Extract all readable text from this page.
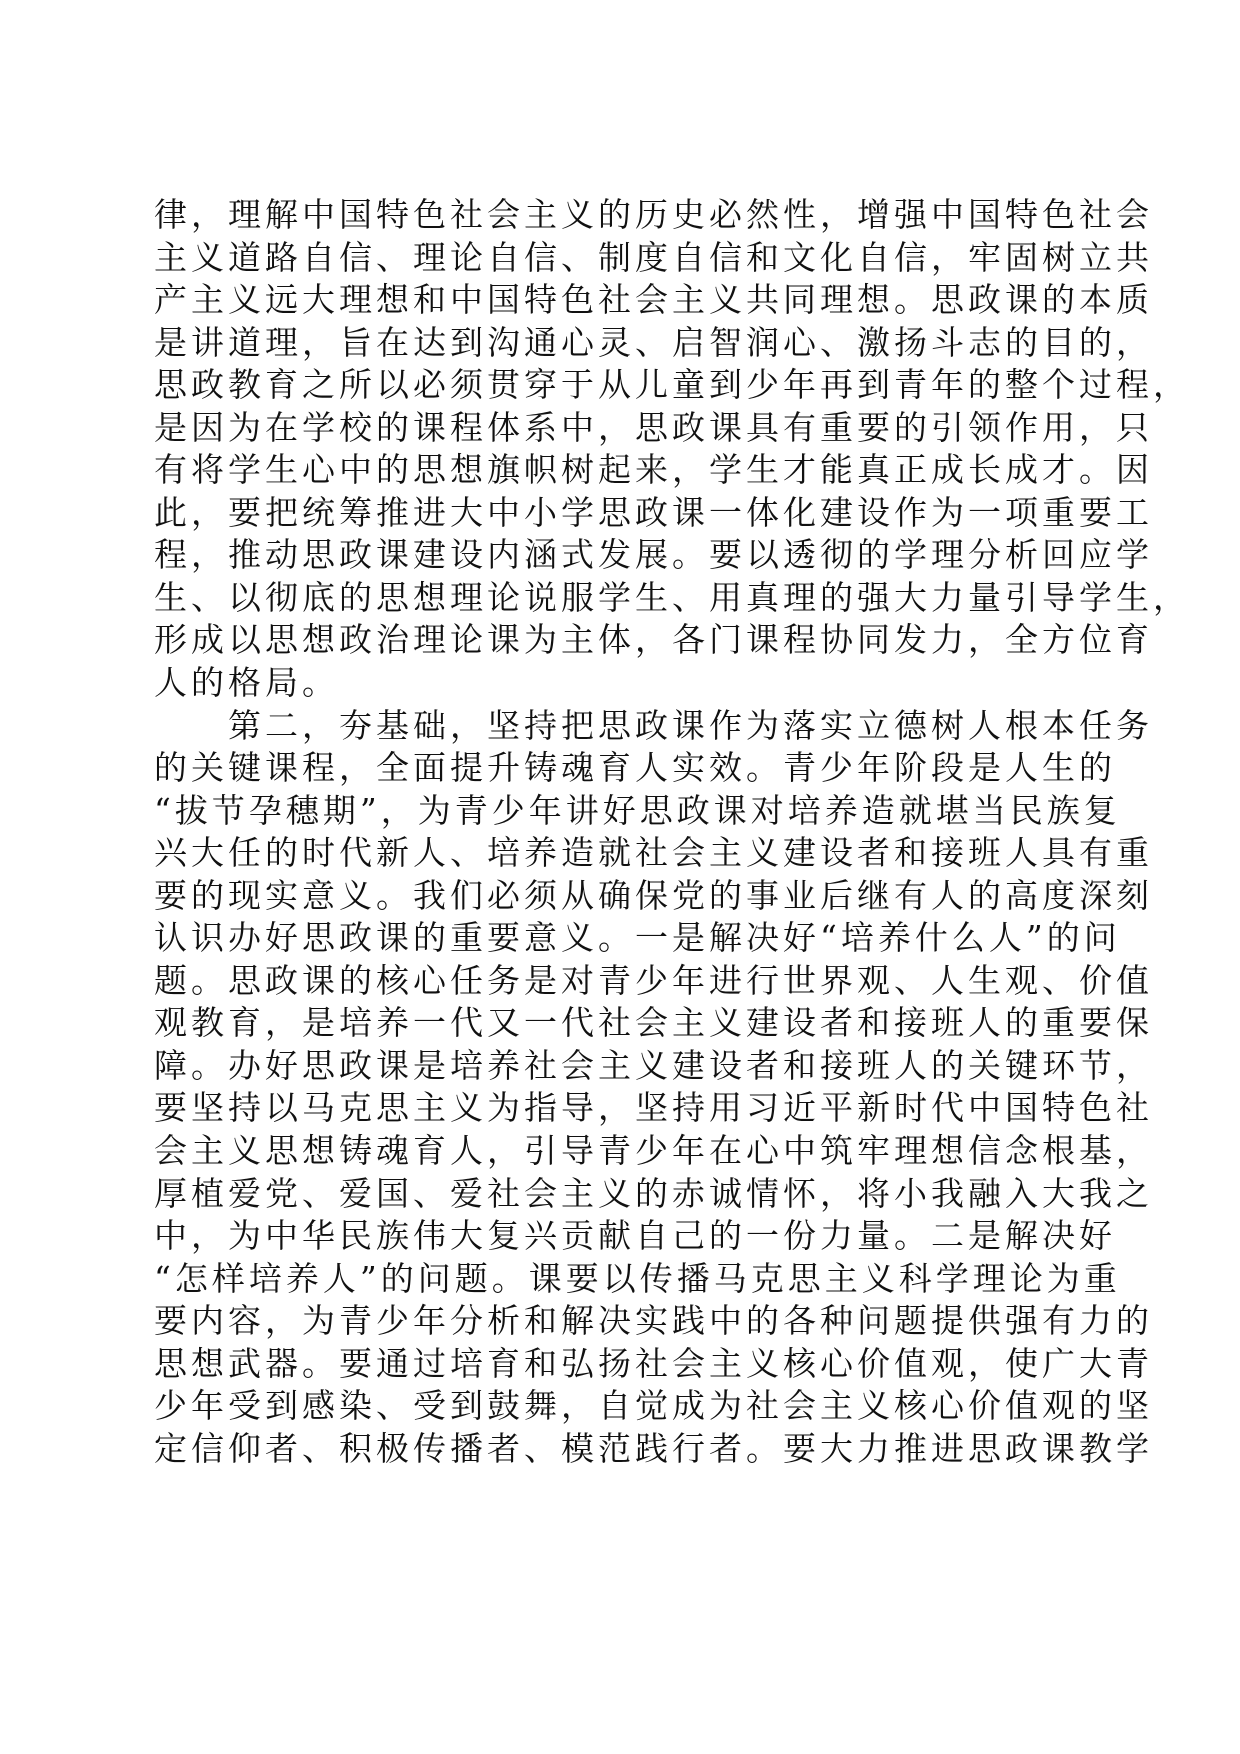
律，理解中国特色社会主义的历史必然性，增强中国特色社会
主义道路自信、理论自信、制度自信和文化自信，牢固树立共
产主义远大理想和中国特色社会主义共同理想。思政课的本质
是讲道理，旨在达到沟通心灵、启智润心、激扬斗志的目的，
思政教育之所以必须贯穿于从儿童到少年再到青年的整个过程，
是因为在学校的课程体系中，思政课具有重要的引领作用，只
有将学生心中的思想旗帜树起来，学生才能真正成长成才。因
此，要把统筹推进大中小学思政课一体化建设作为一项重要工
程，推动思政课建设内涵式发展。要以透彻的学理分析回应学
生、以彻底的思想理论说服学生、用真理的强大力量引导学生，
形成以思想政治理论课为主体，各门课程协同发力，全方位育
人的格局。
第二，夯基础，坚持把思政课作为落实立德树人根本任务
的关键课程，全面提升铸魂育人实效。青少年阶段是人生的
“拔节孕穗期”，为青少年讲好思政课对培养造就堪当民族复
兴大任的时代新人、培养造就社会主义建设者和接班人具有重
要的现实意义。我们必须从确保党的事业后继有人的高度深刻
认识办好思政课的重要意义。一是解决好“培养什么人”的问
题。思政课的核心任务是对青少年进行世界观、人生观、价值
观教育，是培养一代又一代社会主义建设者和接班人的重要保
障。办好思政课是培养社会主义建设者和接班人的关键环节，
要坚持以马克思主义为指导，坚持用习近平新时代中国特色社
会主义思想铸魂育人，引导青少年在心中筑牢理想信念根基，
厚植爱党、爱国、爱社会主义的赤诚情怀，将小我融入大我之
中，为中华民族伟大复兴贡献自己的一份力量。二是解决好
“怎样培养人”的问题。课要以传播马克思主义科学理论为重
要内容，为青少年分析和解决实践中的各种问题提供强有力的
思想武器。要通过培育和弘扬社会主义核心价值观，使广大青
少年受到感染、受到鼓舞，自觉成为社会主义核心价值观的坚
定信仰者、积极传播者、模范践行者。要大力推进思政课教学
